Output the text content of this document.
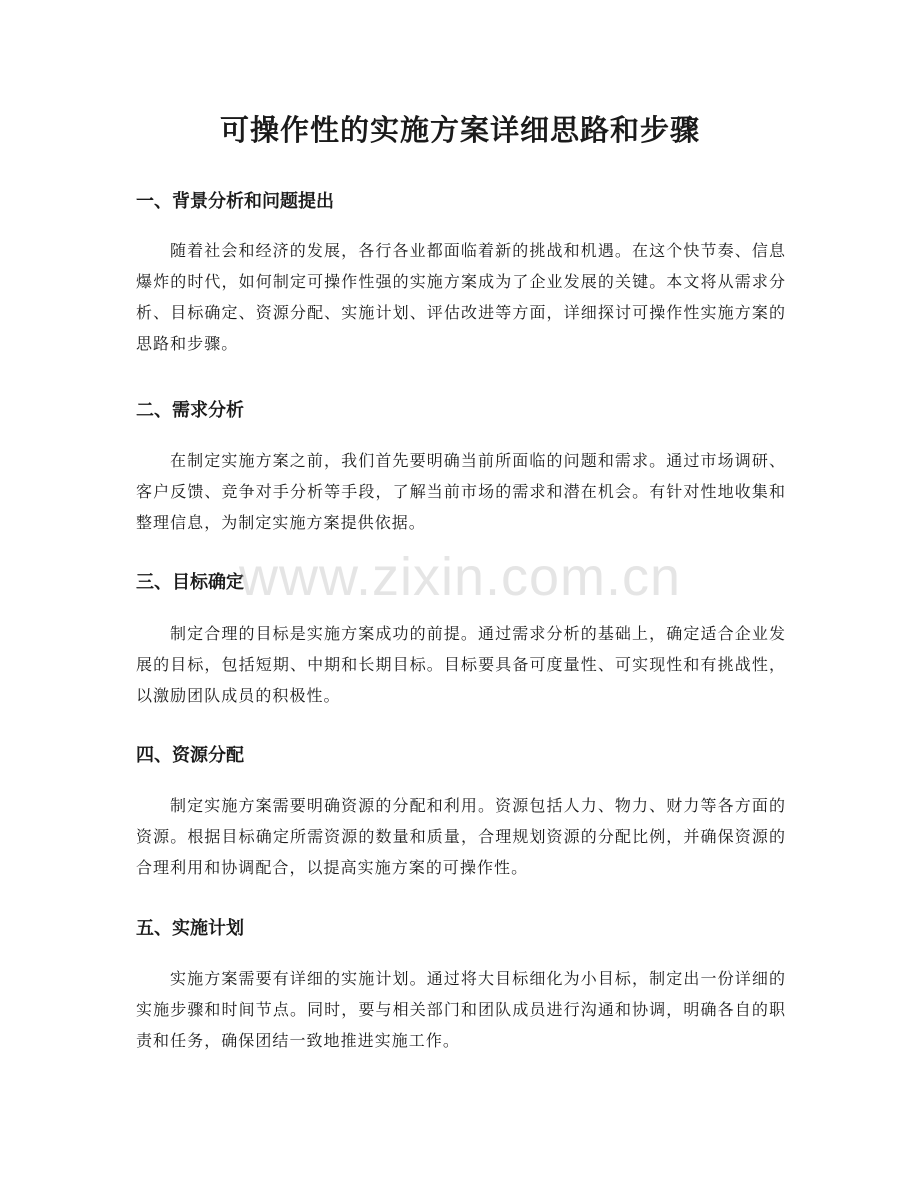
可操作性的实施方案详细思路和步骤
一、背景分析和问题提出

随着社会和经济的发展，各行各业都面临着新的挑战和机遇。在这个快节奏、信息爆炸的时代，如何制定可操作性强的实施方案成为了企业发展的关键。本文将从需求分析、目标确定、资源分配、实施计划、评估改进等方面，详细探讨可操作性实施方案的思路和步骤。

二、需求分析

在制定实施方案之前，我们首先要明确当前所面临的问题和需求。通过市场调研、客户反馈、竞争对手分析等手段，了解当前市场的需求和潜在机会。有针对性地收集和整理信息，为制定实施方案提供依据。

三、目标确定

制定合理的目标是实施方案成功的前提。通过需求分析的基础上，确定适合企业发展的目标，包括短期、中期和长期目标。目标要具备可度量性、可实现性和有挑战性，以激励团队成员的积极性。

四、资源分配

制定实施方案需要明确资源的分配和利用。资源包括人力、物力、财力等各方面的资源。根据目标确定所需资源的数量和质量，合理规划资源的分配比例，并确保资源的合理利用和协调配合，以提高实施方案的可操作性。

五、实施计划

实施方案需要有详细的实施计划。通过将大目标细化为小目标，制定出一份详细的实施步骤和时间节点。同时，要与相关部门和团队成员进行沟通和协调，明确各自的职责和任务，确保团结一致地推进实施工作。

www.zixin.com.cn
